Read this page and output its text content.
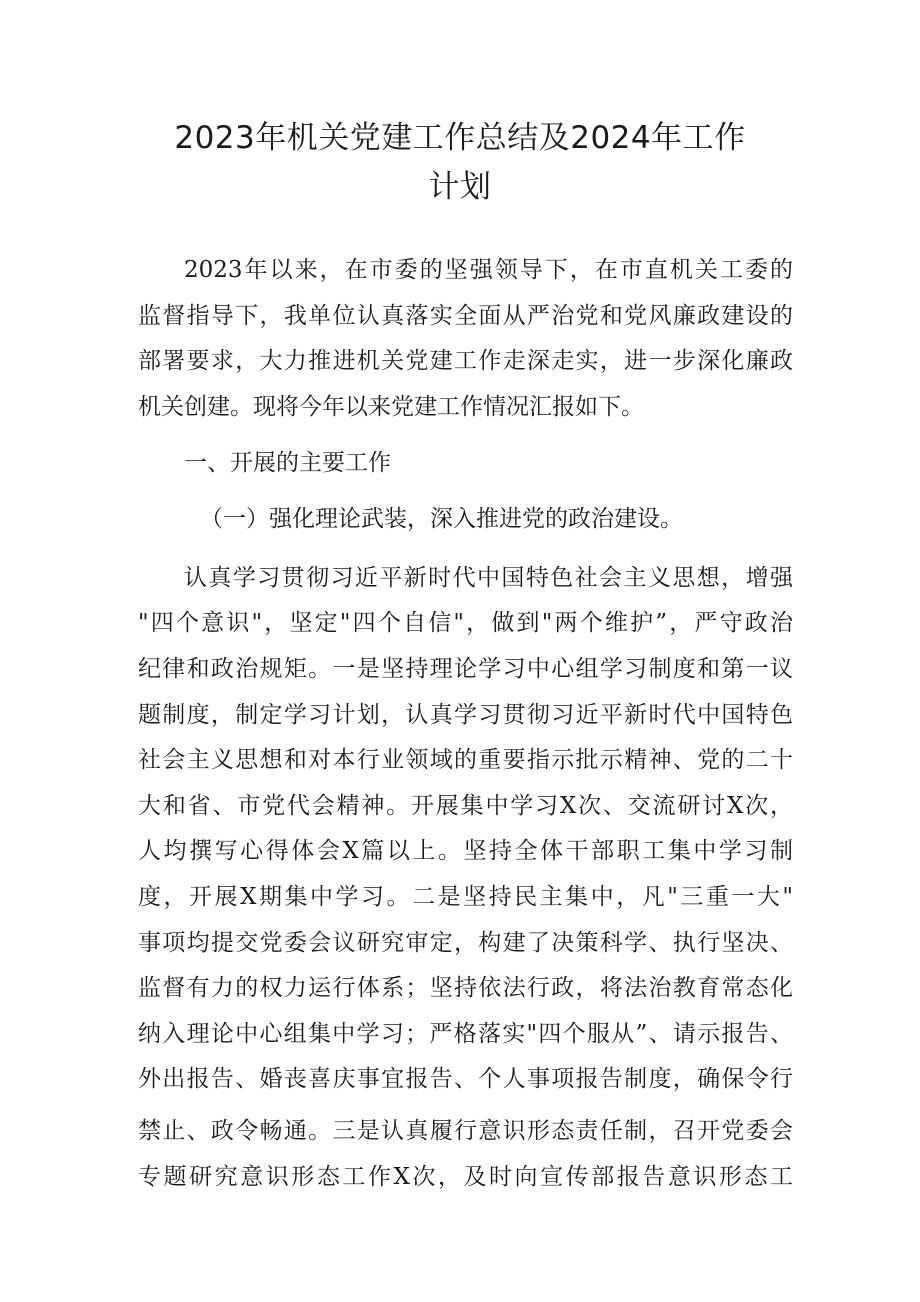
2023年机关党建工作总结及2024年工作
计划

2023年以来，在市委的坚强领导下，在市直机关工委的

监督指导下，我单位认真落实全面从严治党和党风廉政建设的

部署要求，大力推进机关党建工作走深走实，进一步深化廉政

机关创建。现将今年以来党建工作情况汇报如下。

一、开展的主要工作

（一）强化理论武装，深入推进党的政治建设。

认真学习贯彻习近平新时代中国特色社会主义思想，增强

"四个意识"，坚定"四个自信"，做到"两个维护”，严守政治

纪律和政治规矩。一是坚持理论学习中心组学习制度和第一议

题制度，制定学习计划，认真学习贯彻习近平新时代中国特色

社会主义思想和对本行业领域的重要指示批示精神、党的二十

大和省、市党代会精神。开展集中学习X次、交流研讨X次，

人均撰写心得体会X篇以上。坚持全体干部职工集中学习制

度，开展X期集中学习。二是坚持民主集中，凡"三重一大"

事项均提交党委会议研究审定，构建了决策科学、执行坚决、

监督有力的权力运行体系；坚持依法行政，将法治教育常态化

纳入理论中心组集中学习；严格落实"四个服从”、请示报告、

外出报告、婚丧喜庆事宜报告、个人事项报告制度，确保令行

禁止、政令畅通。三是认真履行意识形态责任制，召开党委会

专题研究意识形态工作X次，及时向宣传部报告意识形态工
